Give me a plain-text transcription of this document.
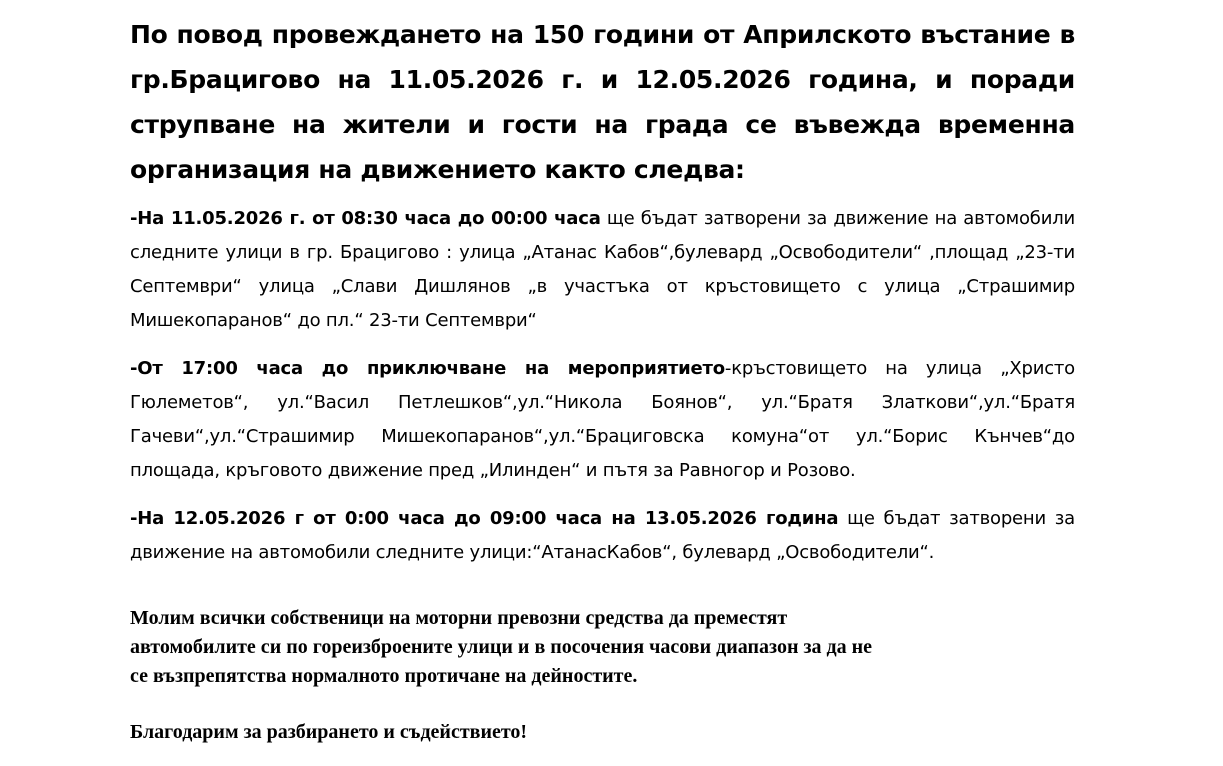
По повод провеждането на 150 години от Априлското въстание в гр.Брацигово на 11.05.2026 г. и 12.05.2026 година, и поради струпване на жители и гости на града се въвежда временна организация на движението както следва:

-На 11.05.2026 г. от 08:30 часа до 00:00 часа ще бъдат затворени за движение на автомобили следните улици в гр. Брацигово : улица „Атанас Кабов“,булевард „Освободители“ ,площад „23-ти Септември“ улица „Слави Дишлянов „в участъка от кръстовището с улица „Страшимир Мишекопаранов“ до пл.“ 23-ти Септември“

-От 17:00 часа до приключване на мероприятието-кръстовището на улица „Христо Гюлеметов“, ул.“Васил Петлешков“,ул.“Никола Боянов“, ул.“Братя Златкови“,ул.“Братя Гачеви“,ул.“Страшимир Мишекопаранов“,ул.“Брацигoвска комуна“от ул.“Борис Кънчев“до площада, кръговото движение пред „Илинден“ и пътя за Равногор и Розово.

-На 12.05.2026 г от 0:00 часа до 09:00 часа на 13.05.2026 година ще бъдат затворени за движение на автомобили следните улици:“АтанасКабов“, булевард „Освободители“.

Молим всички собственици на моторни превозни средства да преместят
автомобилите си по гореизброените улици и в посочения часови диапазон за да не
се възпрепятства нормалното протичане на дейностите.
Благодарим за разбирането и съдействието!
